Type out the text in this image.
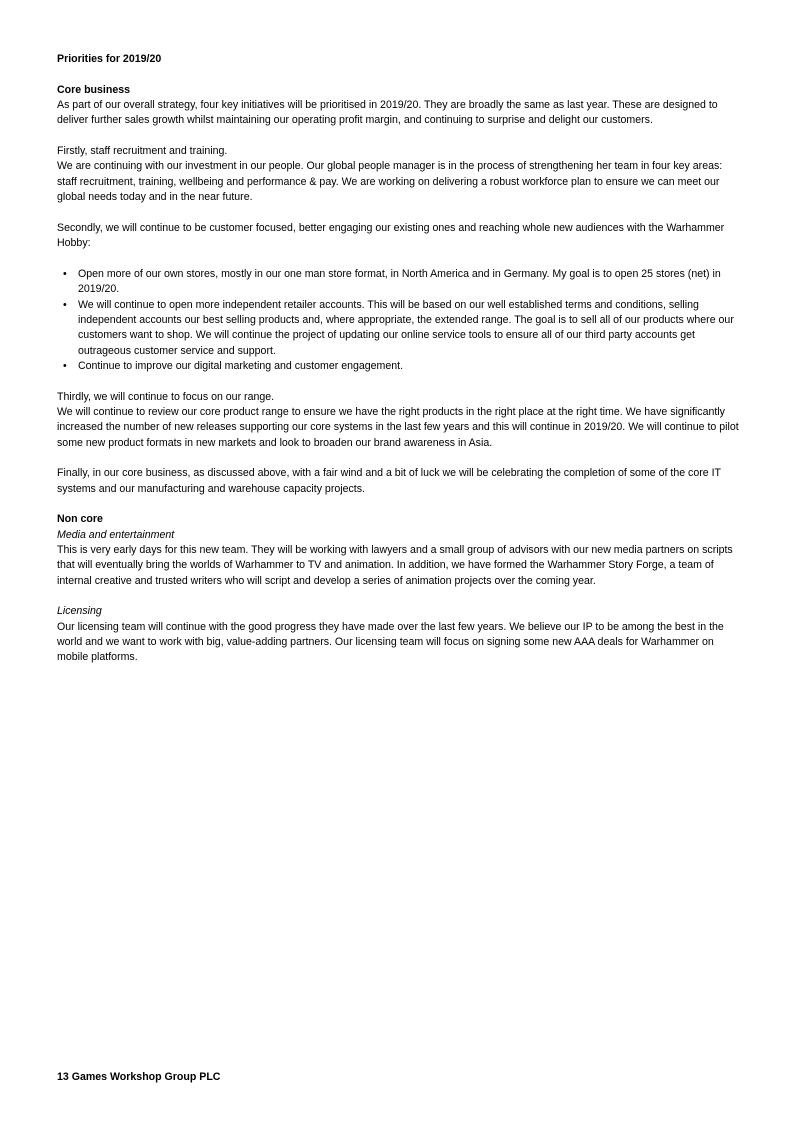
Priorities for 2019/20

Core business

As part of our overall strategy, four key initiatives will be prioritised in 2019/20. They are broadly the same as last year. These are designed to deliver further sales growth whilst maintaining our operating profit margin, and continuing to surprise and delight our customers.

Firstly, staff recruitment and training.

We are continuing with our investment in our people. Our global people manager is in the process of strengthening her team in four key areas: staff recruitment, training, wellbeing and performance & pay. We are working on delivering a robust workforce plan to ensure we can meet our global needs today and in the near future.

Secondly, we will continue to be customer focused, better engaging our existing ones and reaching whole new audiences with the Warhammer Hobby:

•	Open more of our own stores, mostly in our one man store format, in North America and in Germany. My goal is to open 25 stores (net) in 2019/20.
•	We will continue to open more independent retailer accounts. This will be based on our well established terms and conditions, selling independent accounts our best selling products and, where appropriate, the extended range. The goal is to sell all of our products where our customers want to shop. We will continue the project of updating our online service tools to ensure all of our third party accounts get outrageous customer service and support.
•	Continue to improve our digital marketing and customer engagement.

Thirdly, we will continue to focus on our range.

We will continue to review our core product range to ensure we have the right products in the right place at the right time. We have significantly increased the number of new releases supporting our core systems in the last few years and this will continue in 2019/20. We will continue to pilot some new product formats in new markets and look to broaden our brand awareness in Asia.

Finally, in our core business, as discussed above, with a fair wind and a bit of luck we will be celebrating the completion of some of the core IT systems and our manufacturing and warehouse capacity projects.

Non core

Media and entertainment

This is very early days for this new team. They will be working with lawyers and a small group of advisors with our new media partners on scripts that will eventually bring the worlds of Warhammer to TV and animation. In addition, we have formed the Warhammer Story Forge, a team of internal creative and trusted writers who will script and develop a series of animation projects over the coming year.

Licensing

Our licensing team will continue with the good progress they have made over the last few years. We believe our IP to be among the best in the world and we want to work with big, value-adding partners. Our licensing team will focus on signing some new AAA deals for Warhammer on mobile platforms.

13 Games Workshop Group PLC
